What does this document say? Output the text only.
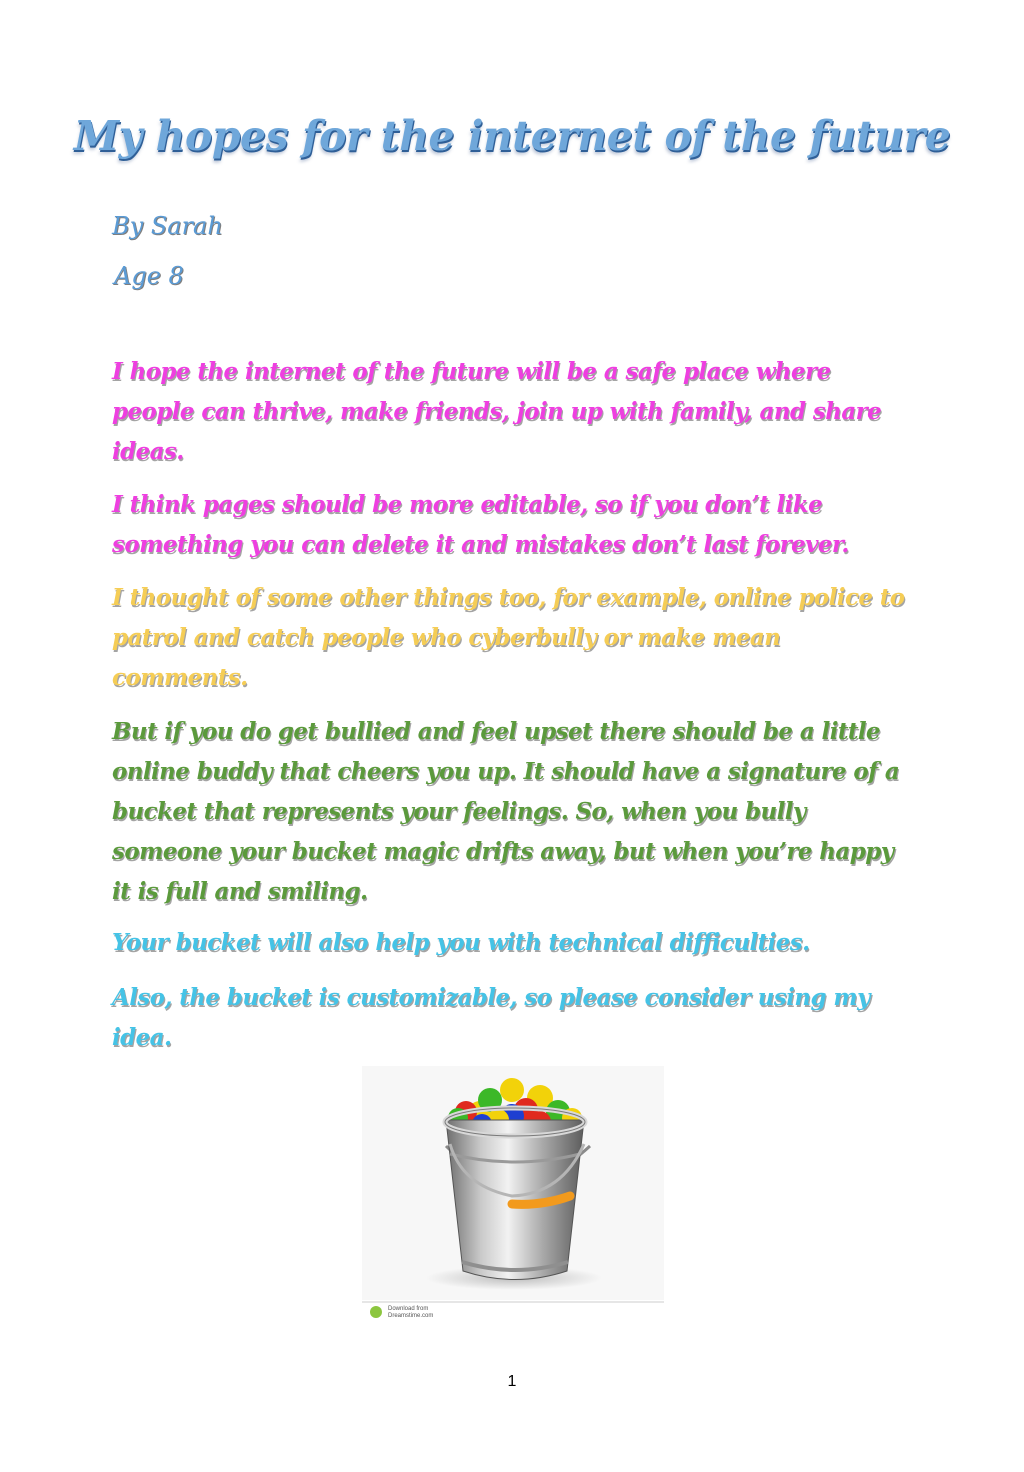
My hopes for the internet of the future
By Sarah
Age 8

I hope the internet of the future will be a safe place where people can thrive, make friends, join up with family, and share ideas.

I think pages should be more editable, so if you don’t like something you can delete it and mistakes don’t last forever.

I thought of some other things too, for example, online police to patrol and catch people who cyberbully or make mean comments.

But if you do get bullied and feel upset there should be a little online buddy that cheers you up. It should have a signature of a bucket that represents your feelings. So, when you bully someone your bucket magic drifts away, but when you’re happy it is full and smiling.

Your bucket will also help you with technical difficulties.

Also, the bucket is customizable, so please consider using my idea.

Download from
Dreamstime.com
1
